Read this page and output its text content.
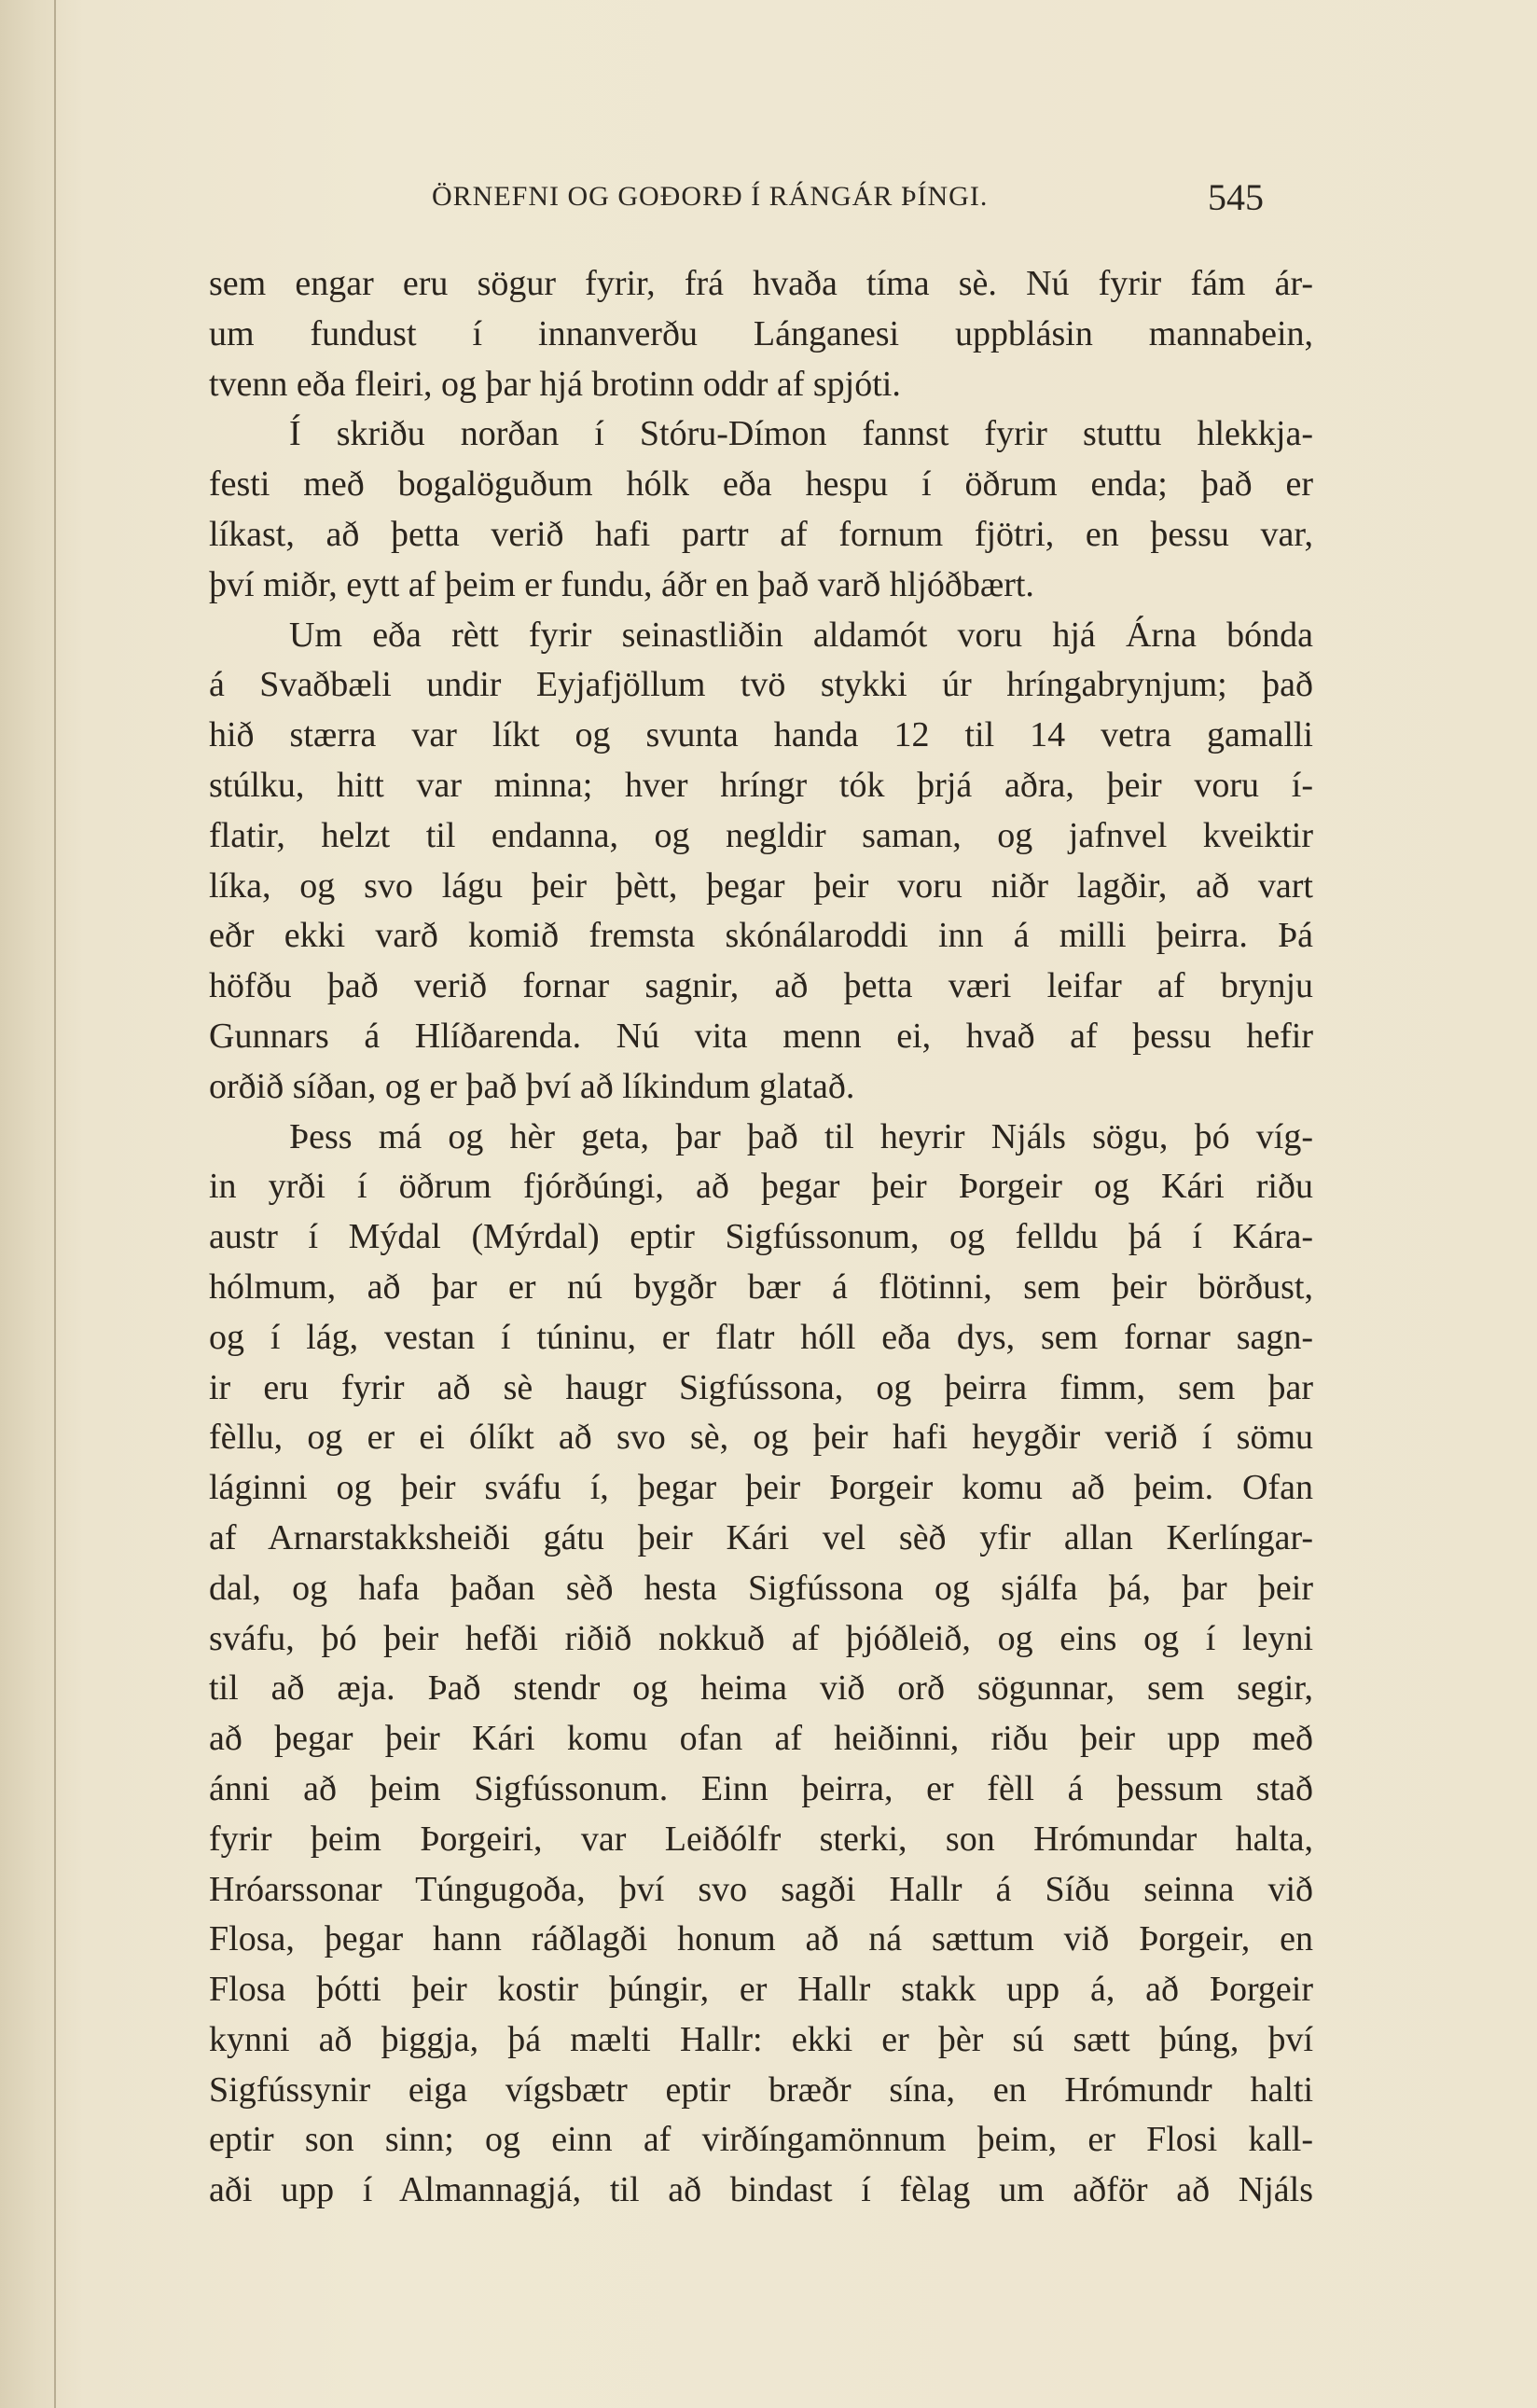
ÖRNEFNI OG GOÐORÐ Í RÁNGÁR ÞÍNGI.	545
sem engar eru sögur fyrir, frá hvaða tíma sè. Nú fyrir fám ár-
um fundust í innanverðu Lánganesi uppblásin mannabein,
tvenn eða fleiri, og þar hjá brotinn oddr af spjóti.
Í skriðu norðan í Stóru-Dímon fannst fyrir stuttu hlekkja-
festi með bogalöguðum hólk eða hespu í öðrum enda; það er
líkast, að þetta verið hafi partr af fornum fjötri, en þessu var,
því miðr, eytt af þeim er fundu, áðr en það varð hljóðbært.
Um eða rètt fyrir seinastliðin aldamót voru hjá Árna bónda
á Svaðbæli undir Eyjafjöllum tvö stykki úr hríngabrynjum; það
hið stærra var líkt og svunta handa 12 til 14 vetra gamalli
stúlku, hitt var minna; hver hríngr tók þrjá aðra, þeir voru í-
flatir, helzt til endanna, og negldir saman, og jafnvel kveiktir
líka, og svo lágu þeir þètt, þegar þeir voru niðr lagðir, að vart
eðr ekki varð komið fremsta skónálaroddi inn á milli þeirra. Þá
höfðu það verið fornar sagnir, að þetta væri leifar af brynju
Gunnars á Hlíðarenda. Nú vita menn ei, hvað af þessu hefir
orðið síðan, og er það því að líkindum glatað.
Þess má og hèr geta, þar það til heyrir Njáls sögu, þó víg-
in yrði í öðrum fjórðúngi, að þegar þeir Þorgeir og Kári riðu
austr í Mýdal (Mýrdal) eptir Sigfússonum, og felldu þá í Kára-
hólmum, að þar er nú bygðr bær á flötinni, sem þeir börðust,
og í lág, vestan í túninu, er flatr hóll eða dys, sem fornar sagn-
ir eru fyrir að sè haugr Sigfússona, og þeirra fimm, sem þar
fèllu, og er ei ólíkt að svo sè, og þeir hafi heygðir verið í sömu
láginni og þeir sváfu í, þegar þeir Þorgeir komu að þeim. Ofan
af Arnarstakksheiði gátu þeir Kári vel sèð yfir allan Kerlíngar-
dal, og hafa þaðan sèð hesta Sigfússona og sjálfa þá, þar þeir
sváfu, þó þeir hefði riðið nokkuð af þjóðleið, og eins og í leyni
til að æja. Það stendr og heima við orð sögunnar, sem segir,
að þegar þeir Kári komu ofan af heiðinni, riðu þeir upp með
ánni að þeim Sigfússonum. Einn þeirra, er fèll á þessum stað
fyrir þeim Þorgeiri, var Leiðólfr sterki, son Hrómundar halta,
Hróarssonar Túngugoða, því svo sagði Hallr á Síðu seinna við
Flosa, þegar hann ráðlagði honum að ná sættum við Þorgeir, en
Flosa þótti þeir kostir þúngir, er Hallr stakk upp á, að Þorgeir
kynni að þiggja, þá mælti Hallr: ekki er þèr sú sætt þúng, því
Sigfússynir eiga vígsbætr eptir bræðr sína, en Hrómundr halti
eptir son sinn; og einn af virðíngamönnum þeim, er Flosi kall-
aði upp í Almannagjá, til að bindast í fèlag um aðför að Njáls
